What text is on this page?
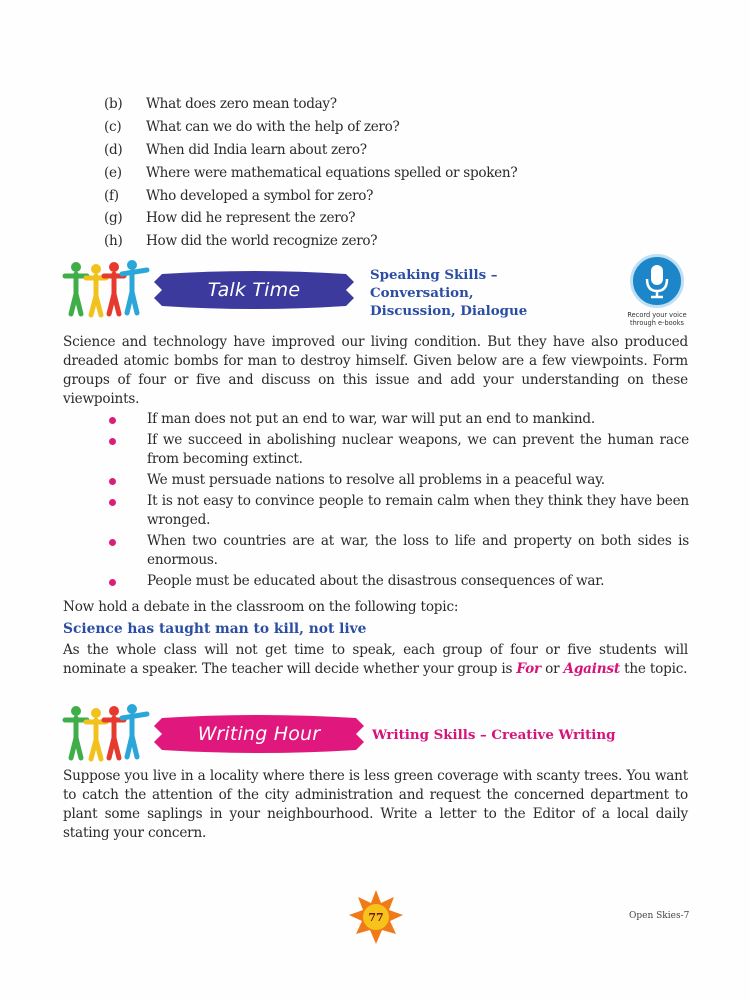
(b)	What does zero mean today?
(c)	What can we do with the help of zero?
(d)	When did India learn about zero?
(e)	Where were mathematical equations spelled or spoken?
(f)	Who developed a symbol for zero?
(g)	How did he represent the zero?
(h)	How did the world recognize zero?
Talk Time
Speaking Skills –
Conversation,
Discussion, Dialogue	Record your voice
through e-books
Science and technology have improved our living condition. But they have also produced dreaded atomic bombs for man to destroy himself. Given below are a few viewpoints. Form groups of four or five and discuss on this issue and add your understanding on these viewpoints.
If man does not put an end to war, war will put an end to mankind.
If we succeed in abolishing nuclear weapons, we can prevent the human race from becoming extinct.
We must persuade nations to resolve all problems in a peaceful way.
It is not easy to convince people to remain calm when they think they have been wronged.
When two countries are at war, the loss to life and property on both sides is enormous.
People must be educated about the disastrous consequences of war.
Now hold a debate in the classroom on the following topic:
Science has taught man to kill, not live
As the whole class will not get time to speak, each group of four or five students will nominate a speaker. The teacher will decide whether your group is For or Against the topic.
Writing Hour	Writing Skills – Creative Writing
Suppose you live in a locality where there is less green coverage with scanty trees. You want to catch the attention of the city administration and request the concerned department to plant some saplings in your neighbourhood. Write a letter to the Editor of a local daily stating your concern.
77	Open Skies-7
